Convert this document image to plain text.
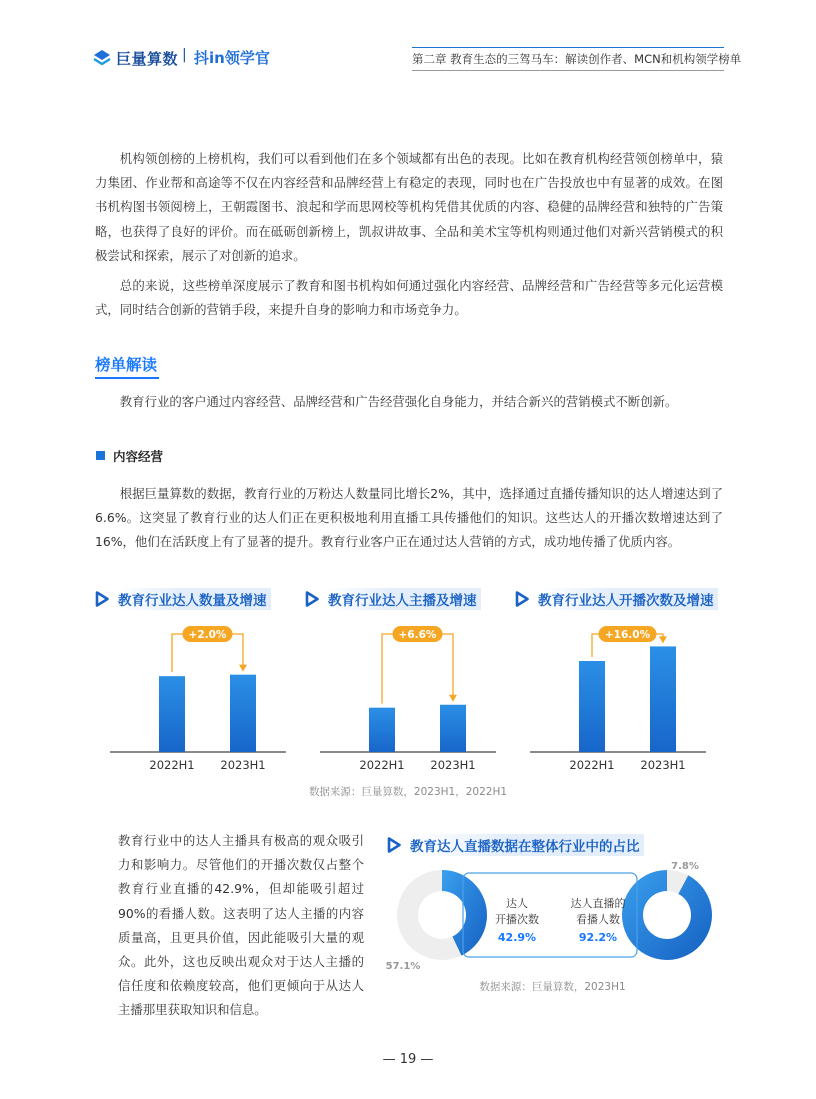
巨量算数 | 抖in领学官	第二章 教育生态的三驾马车：解读创作者、MCN和机构领学榜单

机构领创榜的上榜机构，我们可以看到他们在多个领域都有出色的表现。比如在教育机构经营领创榜单中，猿力集团、作业帮和高途等不仅在内容经营和品牌经营上有稳定的表现，同时也在广告投放也中有显著的成效。在图书机构图书领阅榜上，王朝霞图书、浪起和学而思网校等机构凭借其优质的内容、稳健的品牌经营和独特的广告策略，也获得了良好的评价。而在砥砺创新榜上，凯叔讲故事、全品和美术宝等机构则通过他们对新兴营销模式的积极尝试和探索，展示了对创新的追求。

总的来说，这些榜单深度展示了教育和图书机构如何通过强化内容经营、品牌经营和广告经营等多元化运营模式，同时结合创新的营销手段，来提升自身的影响力和市场竞争力。

榜单解读

教育行业的客户通过内容经营、品牌经营和广告经营强化自身能力，并结合新兴的营销模式不断创新。

内容经营

根据巨量算数的数据，教育行业的万粉达人数量同比增长2%，其中，选择通过直播传播知识的达人增速达到了6.6%。这突显了教育行业的达人们正在更积极地利用直播工具传播他们的知识。这些达人的开播次数增速达到了16%，他们在活跃度上有了显著的提升。教育行业客户正在通过达人营销的方式，成功地传播了优质内容。

教育行业达人数量及增速	教育行业达人主播及增速	教育行业达人开播次数及增速
2022H1 2023H1
+2.0%
2022H1 2023H1
+6.6%
2022H1 2023H1
+16.0%
数据来源：巨量算数，2023H1，2022H1

教育行业中的达人主播具有极高的观众吸引力和影响力。尽管他们的开播次数仅占整个教育行业直播的42.9%，但却能吸引超过90%的看播人数。这表明了达人主播的内容质量高，且更具价值，因此能吸引大量的观众。此外，这也反映出观众对于达人主播的信任度和依赖度较高，他们更倾向于从达人主播那里获取知识和信息。

教育达人直播数据在整体行业中的占比
达人
开播次数
42.9%
达人直播的
看播人数
92.2%
57.1%
7.8%
数据来源：巨量算数，2023H1
— 19 —
